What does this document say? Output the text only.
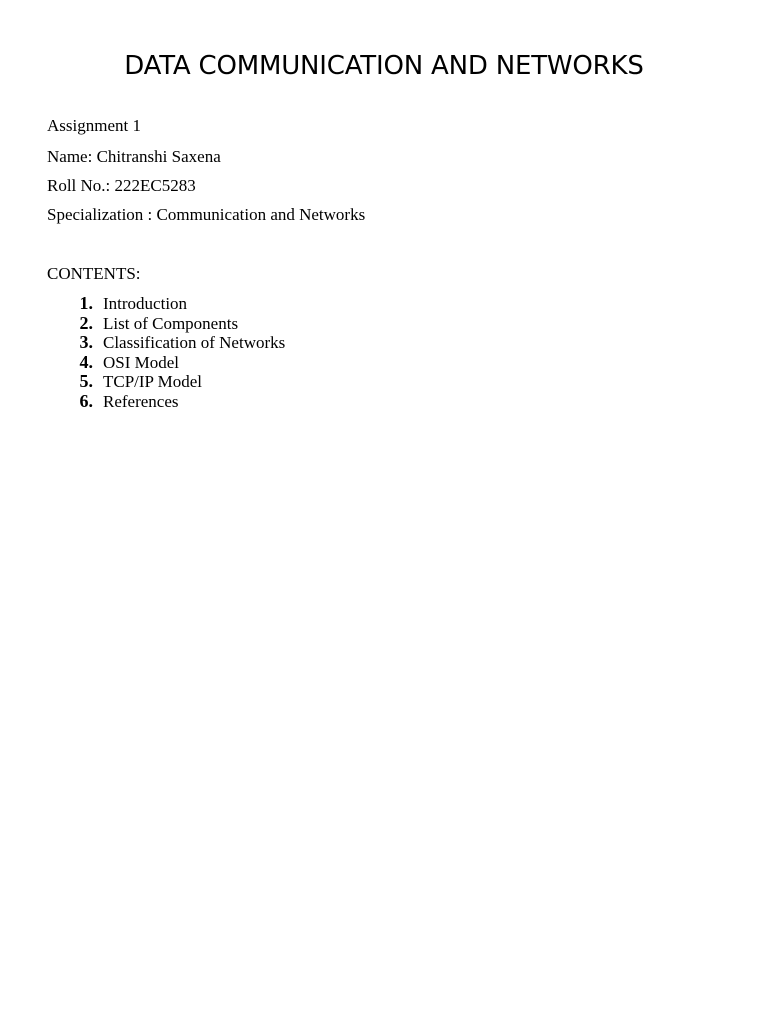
DATA COMMUNICATION AND NETWORKS
Assignment 1
Name: Chitranshi Saxena
Roll No.: 222EC5283
Specialization : Communication and Networks
CONTENTS:
1. Introduction
2. List of Components
3. Classification of Networks
4. OSI Model
5. TCP/IP Model
6. References
